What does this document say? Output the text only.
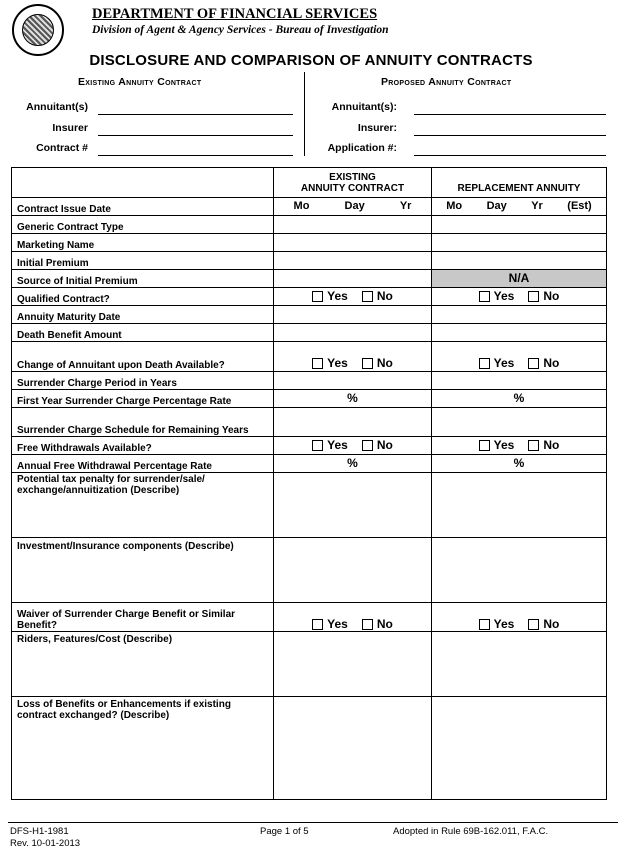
DEPARTMENT OF FINANCIAL SERVICES
Division of Agent & Agency Services - Bureau of Investigation
DISCLOSURE AND COMPARISON OF ANNUITY CONTRACTS
Existing Annuity Contract	Proposed Annuity Contract
Annuitant(s)
Insurer
Contract #
Annuitant(s):
Insurer:
Application #:

	EXISTING
ANNUITY CONTRACT	REPLACEMENT ANNUITY

Contract Issue Date	Mo Day Yr	Mo Day Yr (Est)

Generic Contract Type		
Marketing Name		
Initial Premium		
Source of Initial Premium		N/A
Qualified Contract?	Yes No	Yes No

Annuity Maturity Date		
Death Benefit Amount		
Change of Annuitant upon Death Available?	Yes No	Yes No

Surrender Charge Period in Years		
First Year Surrender Charge Percentage Rate	%	%
Surrender Charge Schedule for Remaining Years		
Free Withdrawals Available?	Yes No	Yes No

Annual Free Withdrawal Percentage Rate	%	%
Potential tax penalty for surrender/sale/ exchange/annuitization (Describe)		
Investment/Insurance components (Describe)		
Waiver of Surrender Charge Benefit or Similar Benefit?	Yes No	Yes No

Riders, Features/Cost (Describe)		
Loss of Benefits or Enhancements if existing contract exchanged? (Describe)		
DFS-H1-1981
Rev. 10-01-2013
Page 1 of 5	Adopted in Rule 69B-162.011, F.A.C.
